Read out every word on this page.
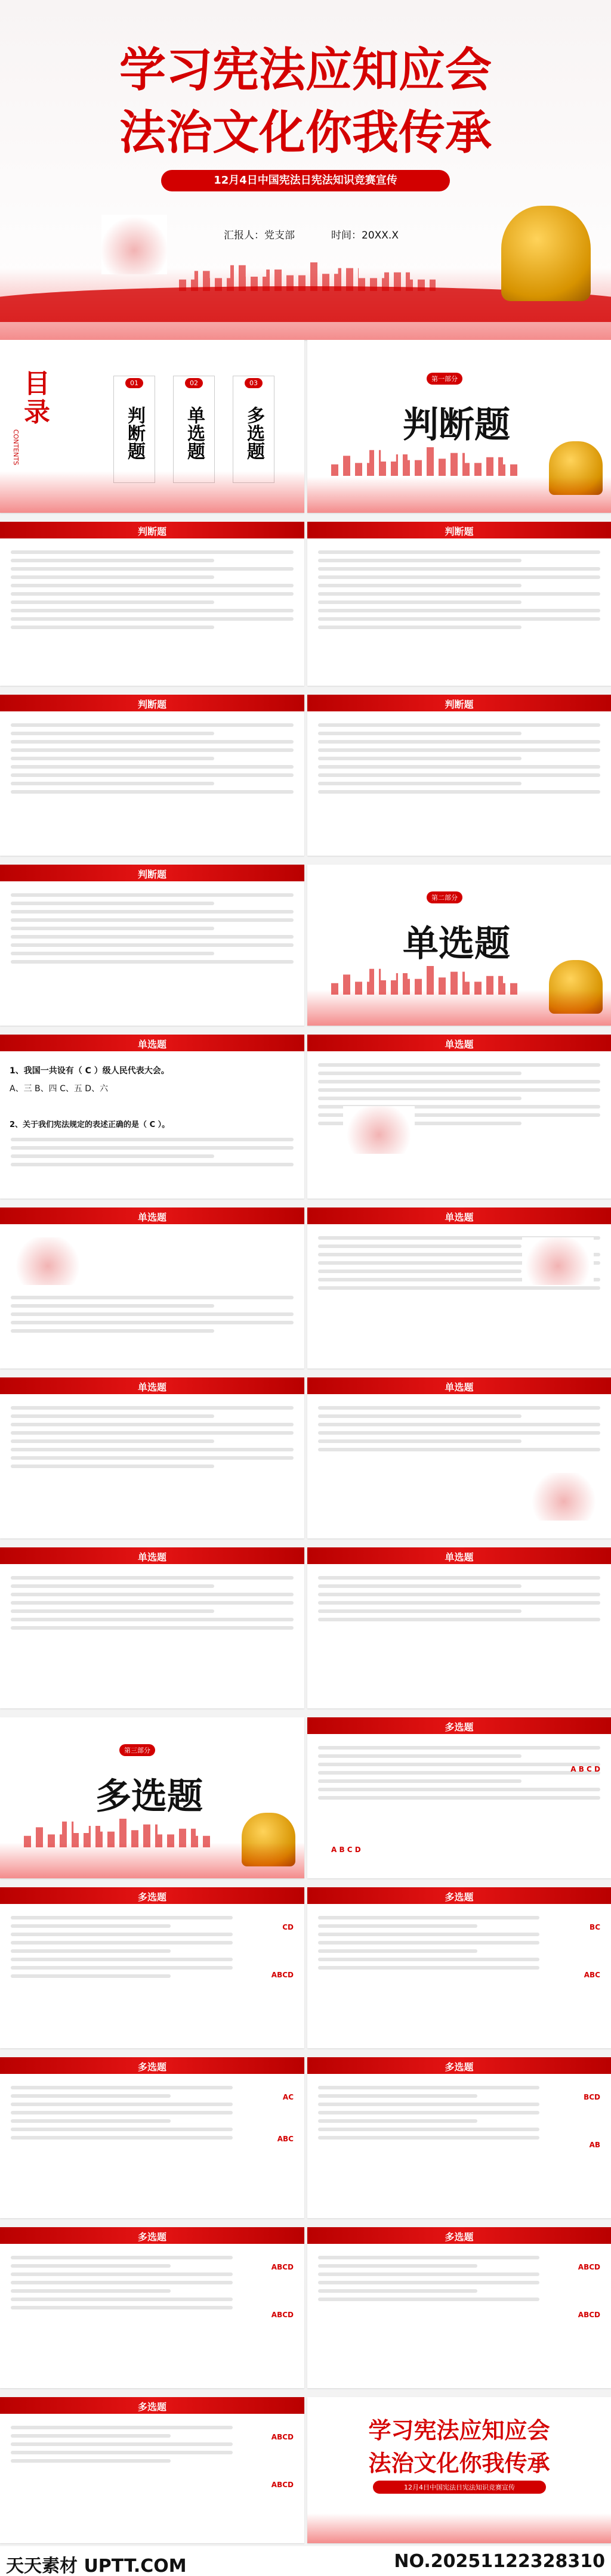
学习宪法应知应会
法治文化你我传承
12月4日中国宪法日宪法知识竞赛宣传
汇报人：党支部	时间：20XX.X
目录
CONTENTS
01
判断题
02
单选题
03
多选题
第一部分
判断题
判断题	判断题
判断题	判断题
判断题
第二部分
单选题
单选题
1、我国一共设有（ C ）级人民代表大会。
A、三 B、四 C、五 D、六
2、关于我们宪法规定的表述正确的是（ C ）。
单选题
单选题	单选题
单选题	单选题
单选题	单选题
第三部分
多选题
多选题
A B C D
A B C D
多选题
CD
ABCD
多选题
BC
ABC
多选题
AC
ABC
多选题
BCD
AB
多选题
ABCD
ABCD
多选题
ABCD
ABCD
多选题
ABCD
ABCD
学习宪法应知应会
法治文化你我传承
12月4日中国宪法日宪法知识竞赛宣传
天天素材 UPTT.COM	NO.20251122328310
